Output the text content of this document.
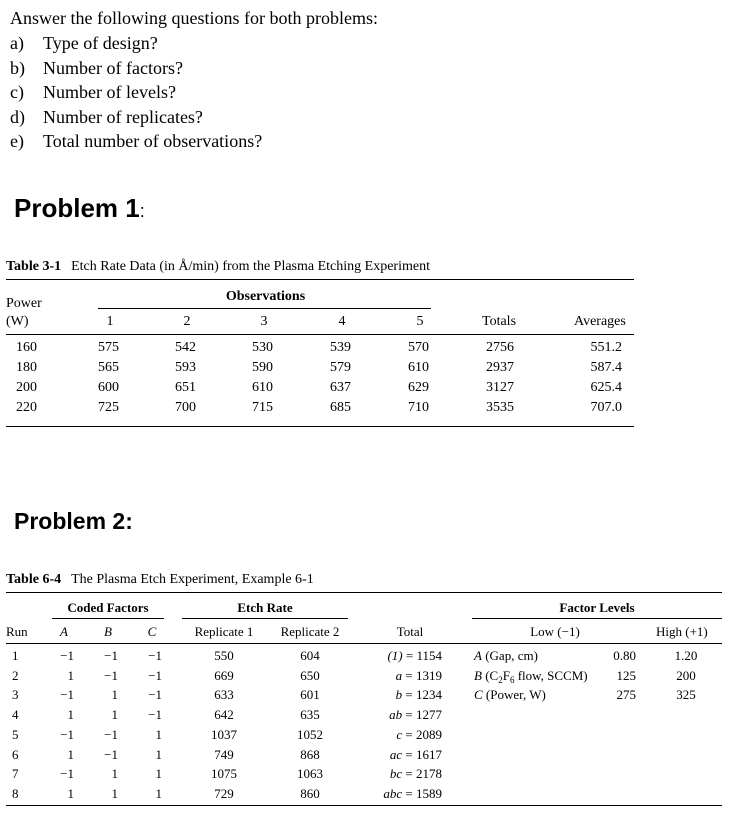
Answer the following questions for both problems:
a) Type of design?
b) Number of factors?
c) Number of levels?
d) Number of replicates?
e) Total number of observations?
Problem 1:
Table 3-1 Etch Rate Data (in Å/min) from the Plasma Etching Experiment
Observations
Power
(W)	1	2	3	4	5	Totals	Averages
160	575	542	530	539	570	2756	551.2
180	565	593	590	579	610	2937	587.4
200	600	651	610	637	629	3127	625.4
220	725	700	715	685	710	3535	707.0
Problem 2:
Table 6-4 The Plasma Etch Experiment, Example 6-1
Coded Factors	Etch Rate	Factor Levels
Run	A	B	C	Replicate 1	Replicate 2	Total	Low (−1)	High (+1)
1	−1	−1	−1	550	604	(1) = 1154
2	1	−1	−1	669	650	a = 1319
3	−1	1	−1	633	601	b = 1234
4	1	1	−1	642	635	ab = 1277
5	−1	−1	1	1037	1052	c = 2089
6	1	−1	1	749	868	ac = 1617
7	−1	1	1	1075	1063	bc = 2178
8	1	1	1	729	860	abc = 1589
A (Gap, cm)	0.80	1.20
B ($C_2F_6$ flow, SCCM)	125	200
C (Power, W)	275	325
